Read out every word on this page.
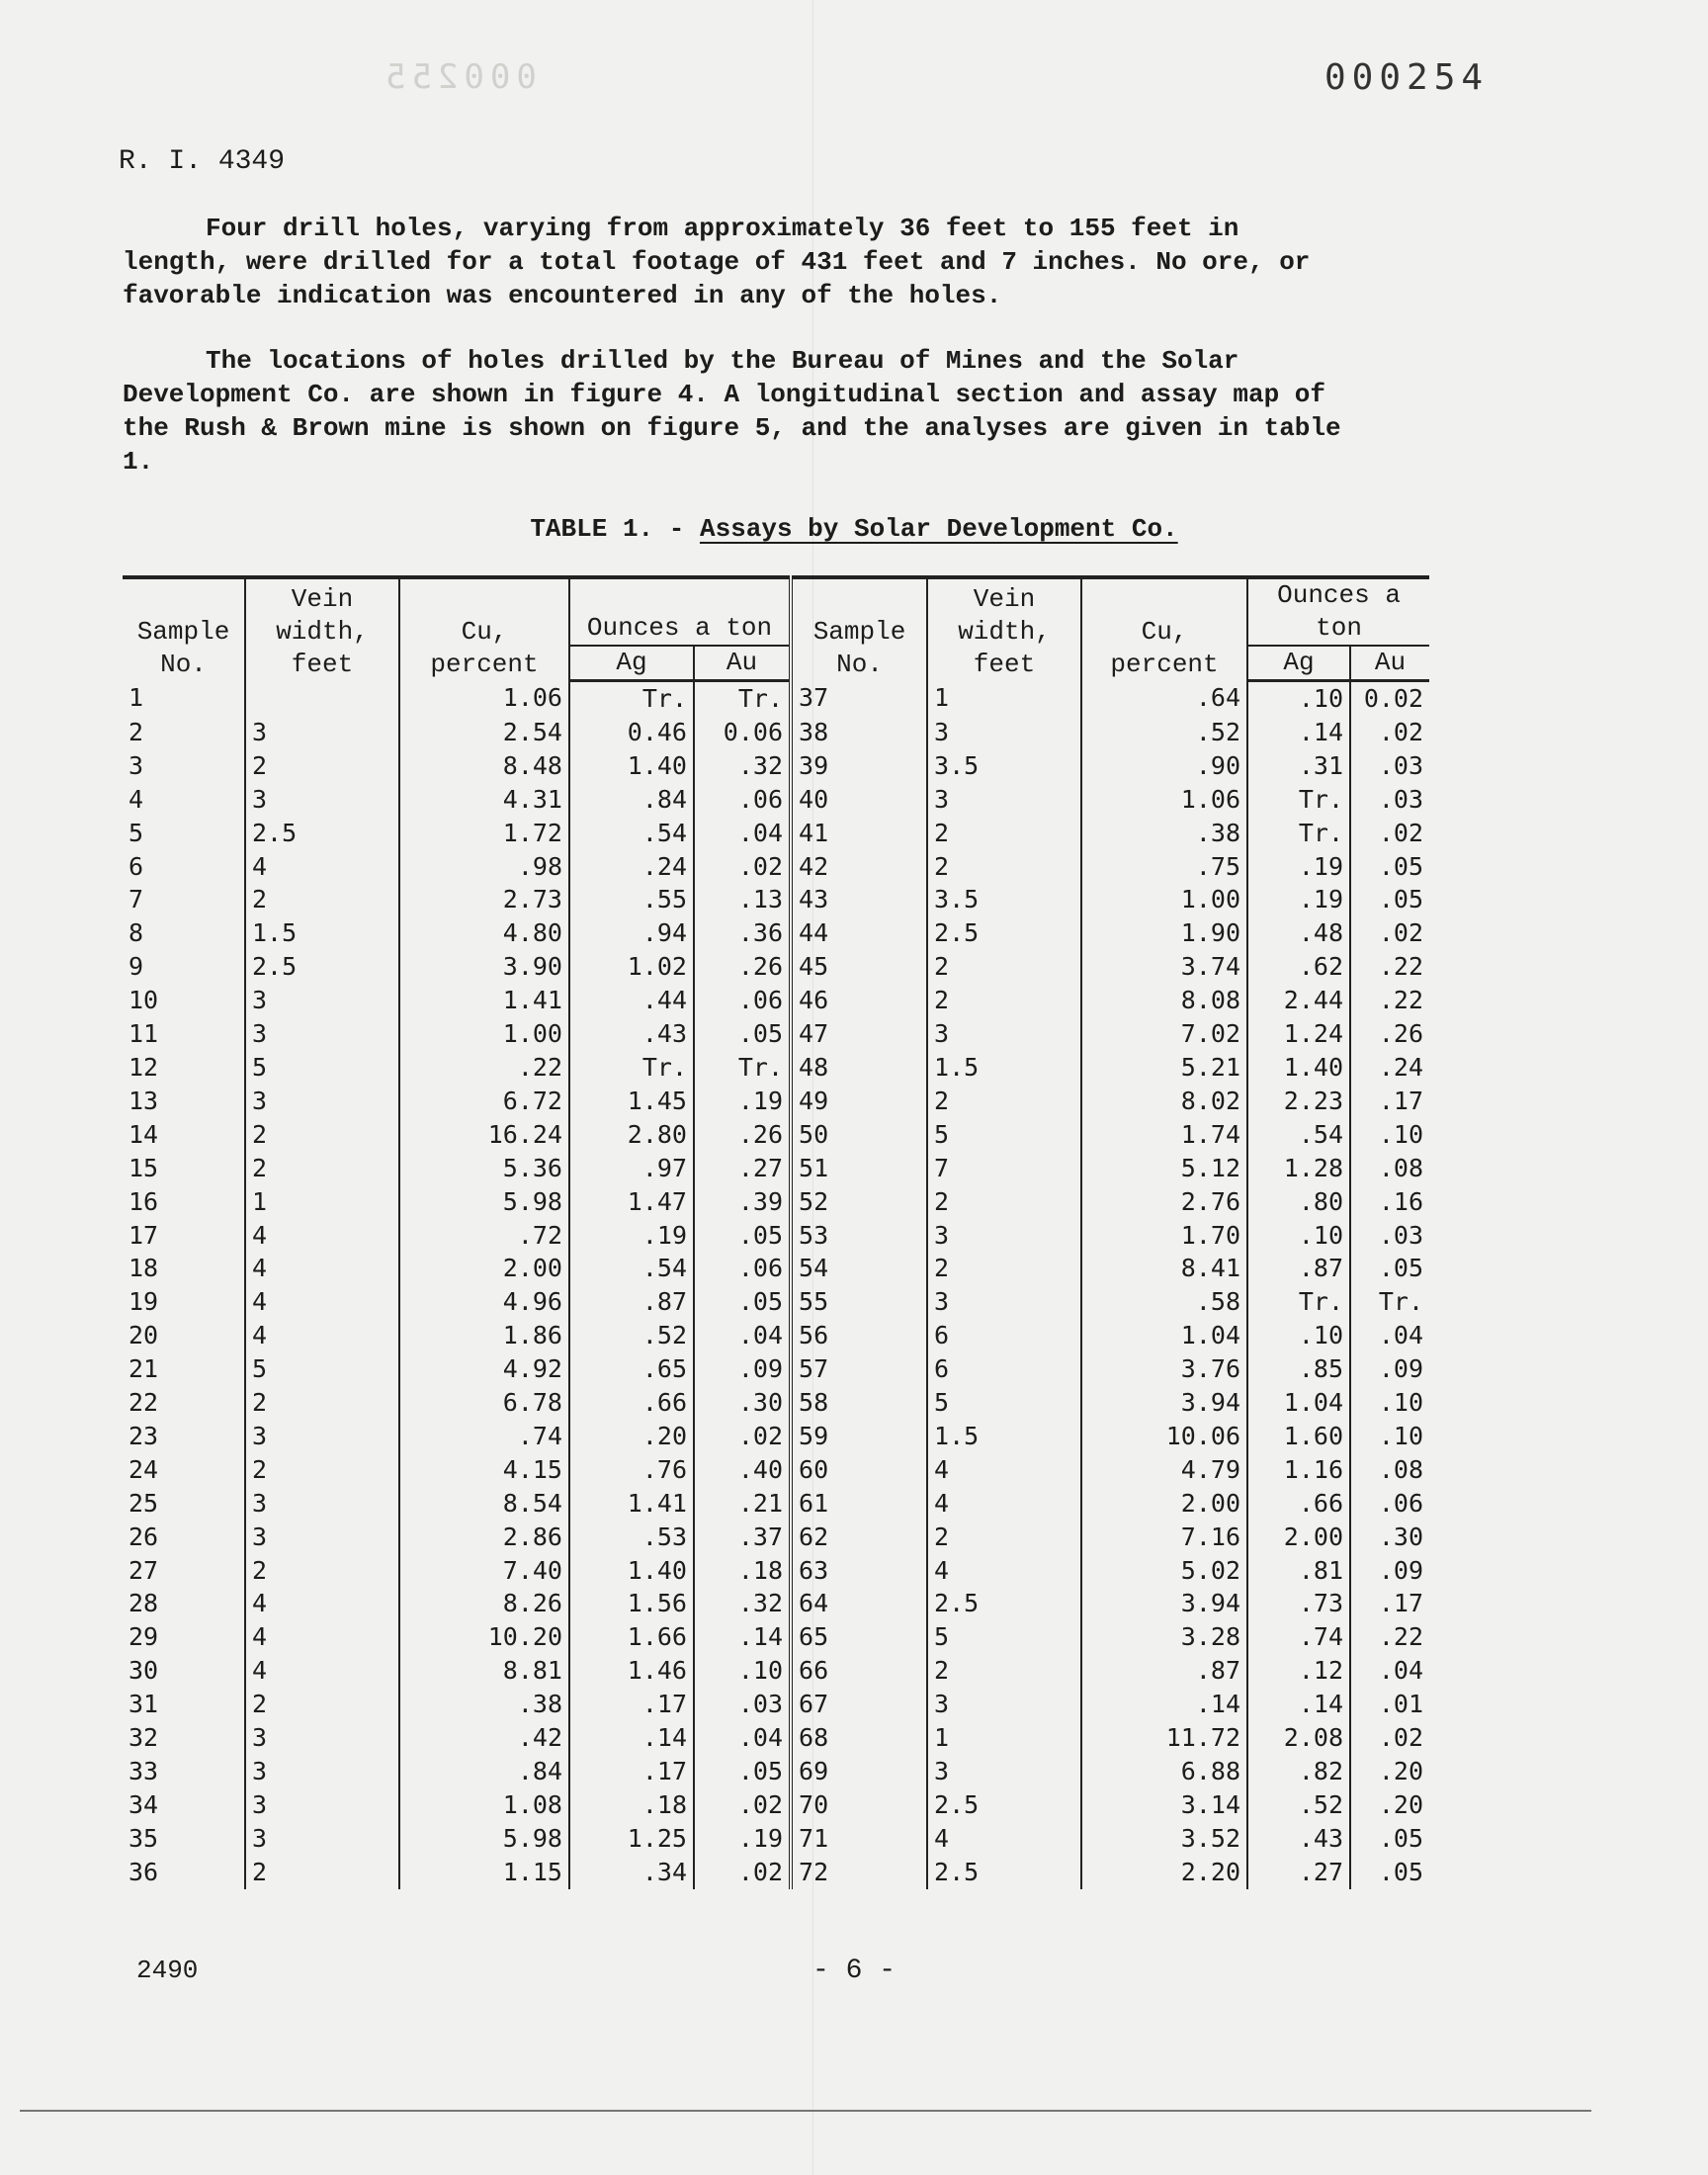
000255	000254
R. I. 4349

Four drill holes, varying from approximately 36 feet to 155 feet in length, were drilled for a total footage of 431 feet and 7 inches. No ore, or favorable indication was encountered in any of the holes.

The locations of holes drilled by the Bureau of Mines and the Solar Development Co. are shown in figure 4. A longitudinal section and assay map of the Rush & Brown mine is shown on figure 5, and the analyses are given in table 1.

TABLE 1. - Assays by Solar Development Co.
Sample No.	Vein width, feet	Cu, percent	Ounces a ton		Sample No.	Vein width, feet	Cu, percent	Ounces a ton	
			Ag	Au				Ag	Au
1		1.06	Tr.	Tr.	37	1	.64	.10	0.02
2	3	2.54	0.46	0.06	38	3	.52	.14	.02
3	2	8.48	1.40	.32	39	3.5	.90	.31	.03
4	3	4.31	.84	.06	40	3	1.06	Tr.	.03
5	2.5	1.72	.54	.04	41	2	.38	Tr.	.02
6	4	.98	.24	.02	42	2	.75	.19	.05
7	2	2.73	.55	.13	43	3.5	1.00	.19	.05
8	1.5	4.80	.94	.36	44	2.5	1.90	.48	.02
9	2.5	3.90	1.02	.26	45	2	3.74	.62	.22
10	3	1.41	.44	.06	46	2	8.08	2.44	.22
11	3	1.00	.43	.05	47	3	7.02	1.24	.26
12	5	.22	Tr.	Tr.	48	1.5	5.21	1.40	.24
13	3	6.72	1.45	.19	49	2	8.02	2.23	.17
14	2	16.24	2.80	.26	50	5	1.74	.54	.10
15	2	5.36	.97	.27	51	7	5.12	1.28	.08
16	1	5.98	1.47	.39	52	2	2.76	.80	.16
17	4	.72	.19	.05	53	3	1.70	.10	.03
18	4	2.00	.54	.06	54	2	8.41	.87	.05
19	4	4.96	.87	.05	55	3	.58	Tr.	Tr.
20	4	1.86	.52	.04	56	6	1.04	.10	.04
21	5	4.92	.65	.09	57	6	3.76	.85	.09
22	2	6.78	.66	.30	58	5	3.94	1.04	.10
23	3	.74	.20	.02	59	1.5	10.06	1.60	.10
24	2	4.15	.76	.40	60	4	4.79	1.16	.08
25	3	8.54	1.41	.21	61	4	2.00	.66	.06
26	3	2.86	.53	.37	62	2	7.16	2.00	.30
27	2	7.40	1.40	.18	63	4	5.02	.81	.09
28	4	8.26	1.56	.32	64	2.5	3.94	.73	.17
29	4	10.20	1.66	.14	65	5	3.28	.74	.22
30	4	8.81	1.46	.10	66	2	.87	.12	.04
31	2	.38	.17	.03	67	3	.14	.14	.01
32	3	.42	.14	.04	68	1	11.72	2.08	.02
33	3	.84	.17	.05	69	3	6.88	.82	.20
34	3	1.08	.18	.02	70	2.5	3.14	.52	.20
35	3	5.98	1.25	.19	71	4	3.52	.43	.05
36	2	1.15	.34	.02	72	2.5	2.20	.27	.05
2490	- 6 -
